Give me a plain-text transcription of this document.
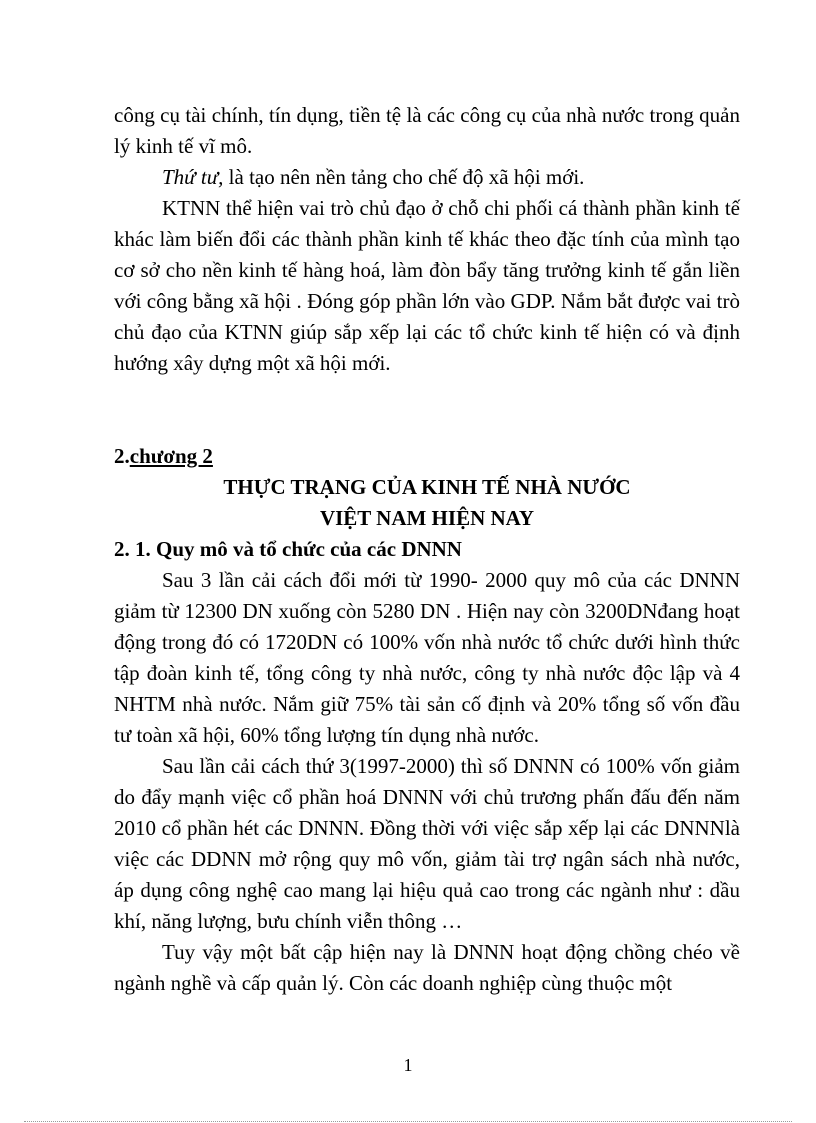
công cụ tài chính, tín dụng, tiền tệ là các công cụ của nhà nước trong quản lý kinh tế vĩ mô.

Thứ tư, là tạo nên nền tảng cho chế độ xã hội mới.

KTNN thể hiện vai trò chủ đạo ở chỗ chi phối cá thành phần kinh tế khác làm biến đổi các thành phần kinh tế khác theo đặc tính của mình tạo cơ sở cho nền kinh tế hàng hoá, làm đòn bẩy tăng trưởng kinh tế gắn liền với công bằng xã hội . Đóng góp phần lớn vào GDP. Nắm bắt được vai trò chủ đạo của KTNN giúp sắp xếp lại các tổ chức kinh tế hiện có và định hướng xây dựng một xã hội mới.

2.chương 2

THỰC TRẠNG CỦA KINH TẾ NHÀ NƯỚC

VIỆT NAM HIỆN NAY

2. 1. Quy mô và tổ chức của các DNNN

Sau 3 lần cải cách đổi mới từ 1990- 2000 quy mô của các DNNN giảm từ 12300 DN xuống còn 5280 DN . Hiện nay còn 3200DNđang hoạt động trong đó có 1720DN có 100% vốn nhà nước tổ chức dưới hình thức tập đoàn kinh tế, tổng công ty nhà nước, công ty nhà nước độc lập và 4 NHTM nhà nước. Nắm giữ 75% tài sản cố định và 20% tổng số vốn đầu tư toàn xã hội, 60% tổng lượng tín dụng nhà nước.

Sau lần cải cách thứ 3(1997-2000) thì số DNNN có 100% vốn giảm do đẩy mạnh việc cổ phần hoá DNNN với chủ trương phấn đấu đến năm 2010 cổ phần hét các DNNN. Đồng thời với việc sắp xếp lại các DNNNlà việc các DDNN mở rộng quy mô vốn, giảm tài trợ ngân sách nhà nước, áp dụng công nghệ cao mang lại hiệu quả cao trong các ngành như : dầu khí, năng lượng, bưu chính viễn thông …

Tuy vậy một bất cập hiện nay là DNNN hoạt động chồng chéo về

ngành nghề và cấp quản lý. Còn các doanh nghiệp cùng thuộc một

1
